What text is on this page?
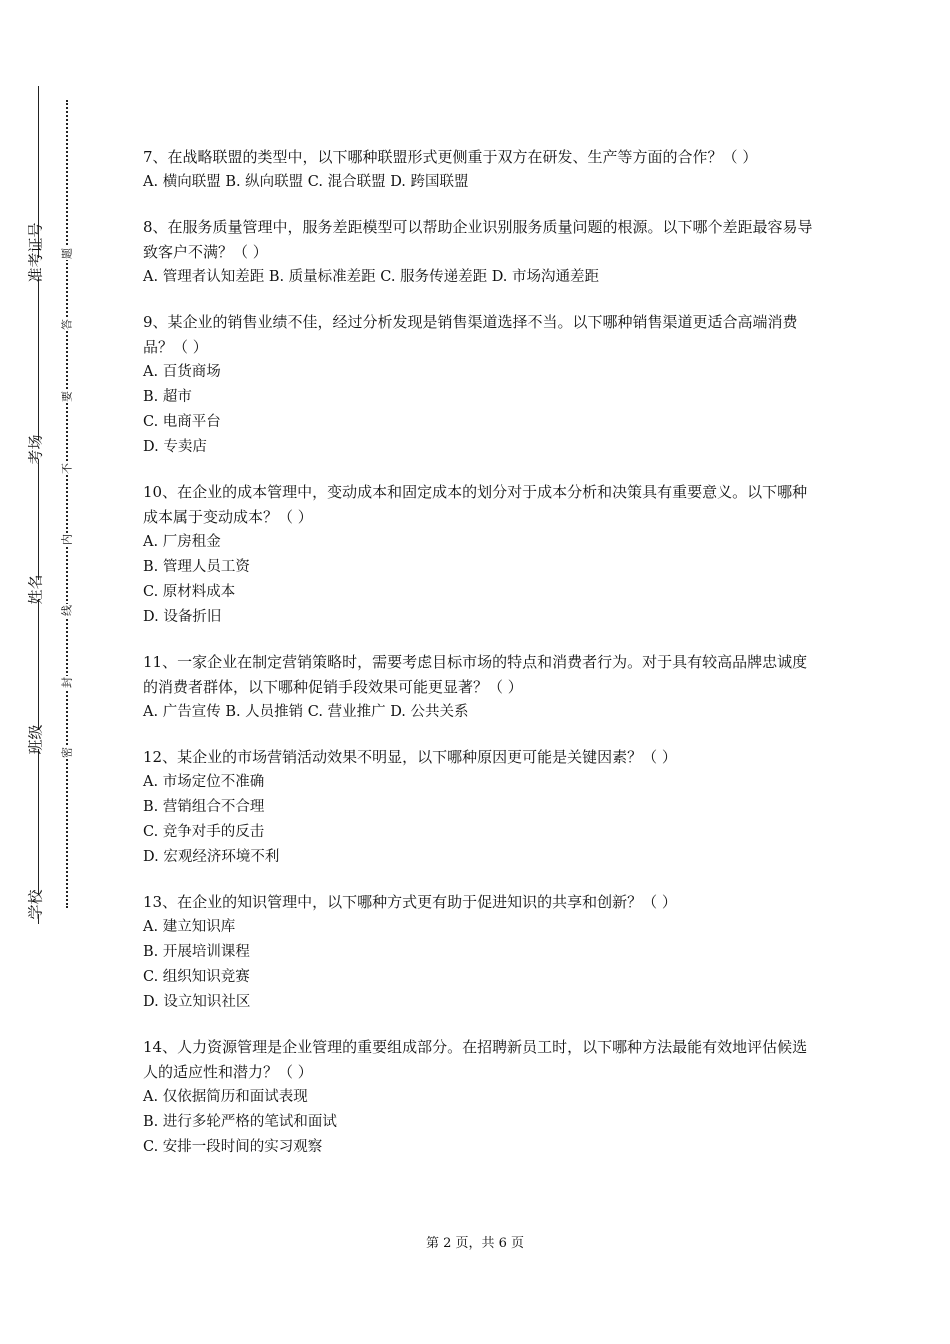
准考证号
考场
姓名
班级
学校
题
答
要
不
内
线
封
密

7、在战略联盟的类型中，以下哪种联盟形式更侧重于双方在研发、生产等方面的合作？（ ）

A. 横向联盟 B. 纵向联盟 C. 混合联盟 D. 跨国联盟

8、在服务质量管理中，服务差距模型可以帮助企业识别服务质量问题的根源。以下哪个差距最容易导致客户不满？（ ）

A. 管理者认知差距 B. 质量标准差距 C. 服务传递差距 D. 市场沟通差距

9、某企业的销售业绩不佳，经过分析发现是销售渠道选择不当。以下哪种销售渠道更适合高端消费品？（ ）

A. 百货商场

B. 超市

C. 电商平台

D. 专卖店

10、在企业的成本管理中，变动成本和固定成本的划分对于成本分析和决策具有重要意义。以下哪种成本属于变动成本？（ ）

A. 厂房租金

B. 管理人员工资

C. 原材料成本

D. 设备折旧

11、一家企业在制定营销策略时，需要考虑目标市场的特点和消费者行为。对于具有较高品牌忠诚度的消费者群体，以下哪种促销手段效果可能更显著？（ ）

A. 广告宣传 B. 人员推销 C. 营业推广 D. 公共关系

12、某企业的市场营销活动效果不明显，以下哪种原因更可能是关键因素？（ ）

A. 市场定位不准确

B. 营销组合不合理

C. 竞争对手的反击

D. 宏观经济环境不利

13、在企业的知识管理中，以下哪种方式更有助于促进知识的共享和创新？（ ）

A. 建立知识库

B. 开展培训课程

C. 组织知识竞赛

D. 设立知识社区

14、人力资源管理是企业管理的重要组成部分。在招聘新员工时，以下哪种方法最能有效地评估候选人的适应性和潜力？（ ）

A. 仅依据简历和面试表现

B. 进行多轮严格的笔试和面试

C. 安排一段时间的实习观察

第 2 页，共 6 页
